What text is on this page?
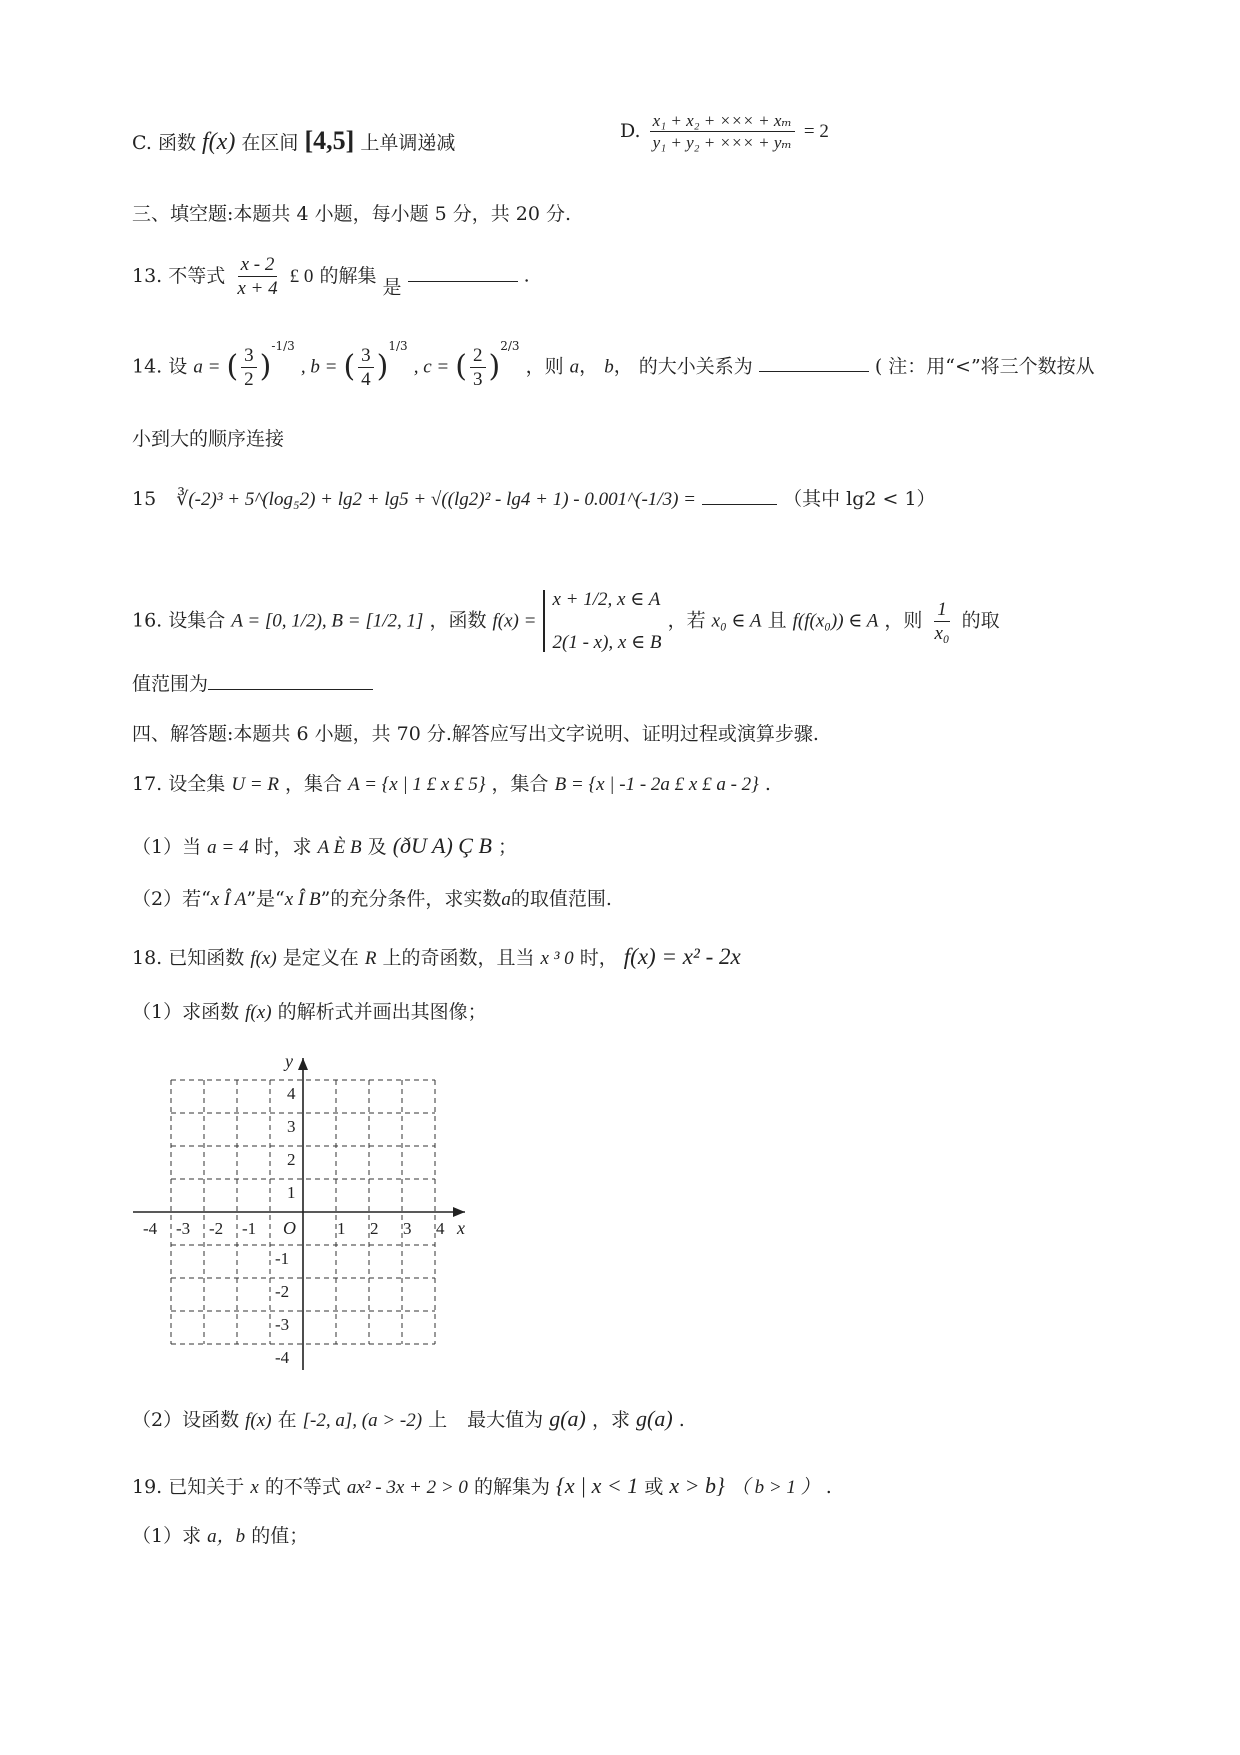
C. 函数 f(x) 在区间 [4,5] 上单调递减
D. $\frac{\text{x₁ + x₂ + ××× + xₘ}}{\text{y₁ + y₂ + ××× + yₘ}} = 2$
三、填空题:本题共 4 小题，每小题 5 分，共 20 分.
13. 不等式 $\frac{x - 2}{x + 4}$ £ 0 的解集 是  .
14. 设 a = ( $\frac{3}{2} )^{-1/3}$ , b = ( $\frac{3}{4} )^{1/3}$ , c = ( $\frac{2}{3} )^{2/3}$ ，则 a， b， 的大小关系为	( 注：用“<”将三个数按从
小到大的顺序连接
15 ∛(-2)³ + 5^(log₅2) + lg2 + lg5 + √((lg2)² - lg4 + 1) - 0.001^(-1/3) =	（其中 lg2 < 1）
16. 设集合 A = [0, 1/2), B = [1/2, 1] ，函数 f(x) =
x + 1/2, x ∈ A
2(1 - x), x ∈ B
，若 x₀ ∈ A 且 f(f(x₀)) ∈ A ，则 $\frac{1}{\text{x₀}}$ 的取
值范围为
四、解答题:本题共 6 小题，共 70 分.解答应写出文字说明、证明过程或演算步骤.
17. 设全集 U = R ，集合 A = {x | 1 £ x £ 5} ，集合 B = {x | -1 - 2a £ x £ a - 2} .
（1）当 a = 4 时，求 A È B 及 (ðU A) Ç B ；
（2）若“x Î A”是“x Î B”的充分条件，求实数a的取值范围.
18. 已知函数 f(x) 是定义在 R 上的奇函数，且当 x ³ 0 时， f(x) = x² - 2x
（1）求函数 f(x) 的解析式并画出其图像；
y
x
O
-4 -3 -2 -1	1 2 3 4
4
3
2
1
-1
-2
-3
-4
（2）设函数 f(x) 在 [-2, a], (a > -2) 上 最大值为 g(a) ，求 g(a) .
19. 已知关于 x 的不等式 ax² - 3x + 2 > 0 的解集为 {x | x < 1 或 x > b} （ b > 1 ） .
（1）求 a，b 的值；
